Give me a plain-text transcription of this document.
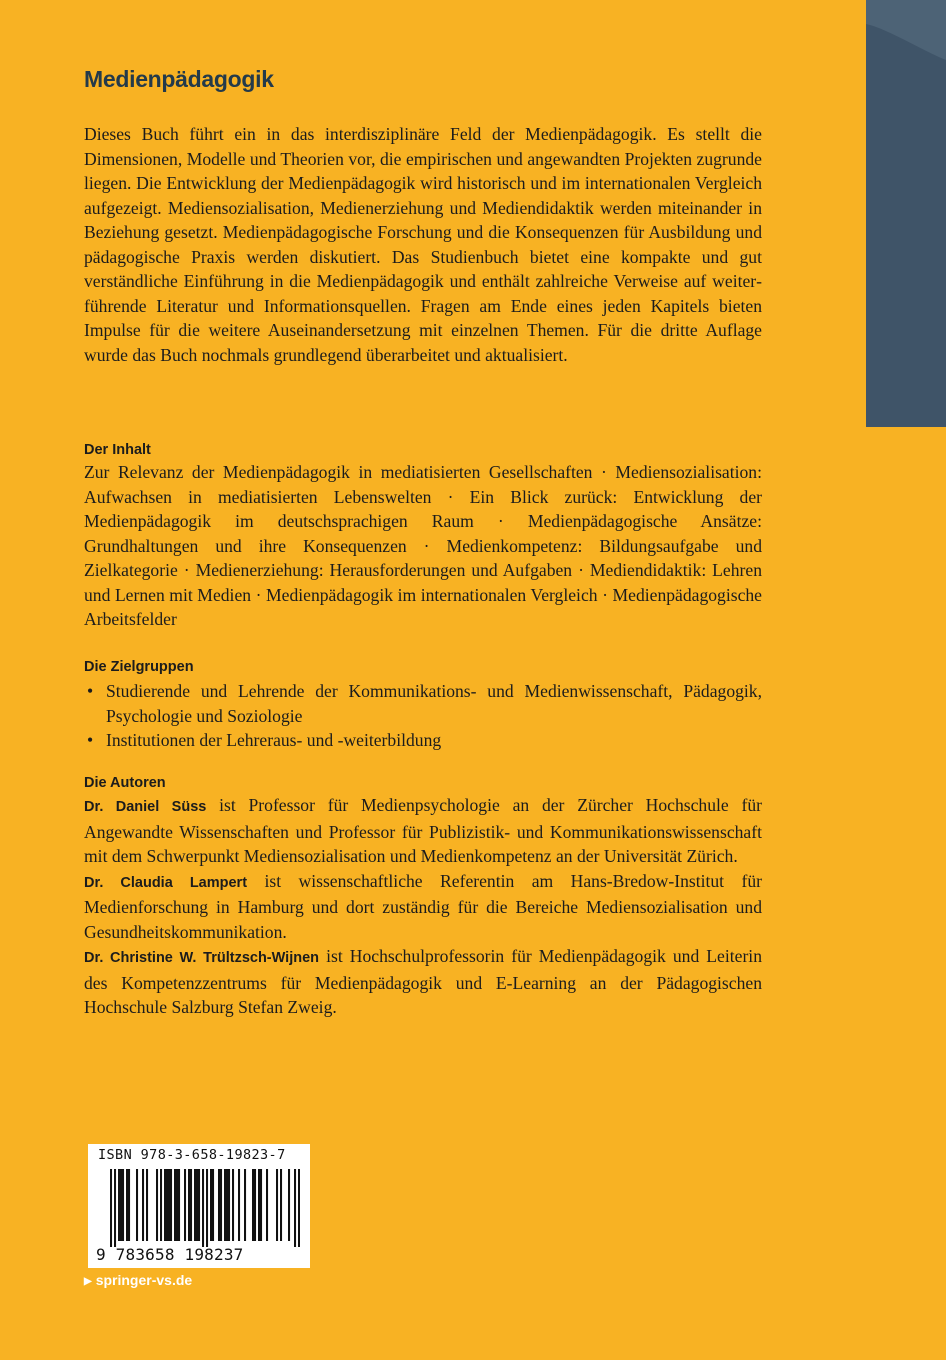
Medienpädagogik

Dieses Buch führt ein in das interdisziplinäre Feld der Medienpädagogik. Es stellt die Dimensionen, Modelle und Theorien vor, die empirischen und angewandten Projekten zugrunde liegen. Die Entwicklung der Medienpädagogik wird historisch und im internationalen Vergleich aufgezeigt. Mediensozialisation, Medienerziehung und Mediendidaktik werden miteinander in Beziehung gesetzt. Medienpädagogische Forschung und die Konsequenzen für Ausbildung und pädagogische Praxis werden diskutiert. Das Studienbuch bietet eine kompakte und gut verständliche Einführung in die Medienpädagogik und enthält zahlreiche Verweise auf weiterführende Literatur und Informationsquellen. Fragen am Ende eines jeden Kapitels bieten Impulse für die weitere Auseinandersetzung mit einzelnen Themen. Für die dritte Auflage wurde das Buch nochmals grundlegend überarbeitet und aktualisiert.

Der Inhalt

Zur Relevanz der Medienpädagogik in mediatisierten Gesellschaften · Mediensozialisation: Aufwachsen in mediatisierten Lebenswelten · Ein Blick zurück: Entwicklung der Medienpädagogik im deutschsprachigen Raum · Medienpädagogische Ansätze: Grundhaltungen und ihre Konsequenzen · Medienkompetenz: Bildungsaufgabe und Zielkategorie · Medienerziehung: Herausforderungen und Aufgaben · Mediendidaktik: Lehren und Lernen mit Medien · Medienpädagogik im internationalen Vergleich · Medienpädagogische Arbeitsfelder

Die Zielgruppen

• Studierende und Lehrende der Kommunikations- und Medienwissenschaft, Pädagogik, Psychologie und Soziologie
• Institutionen der Lehreraus- und -weiterbildung

Die Autoren

Dr. Daniel Süss ist Professor für Medienpsychologie an der Zürcher Hochschule für Angewandte Wissenschaften und Professor für Publizistik- und Kommunikationswissenschaft mit dem Schwerpunkt Mediensozialisation und Medienkompetenz an der Universität Zürich.

Dr. Claudia Lampert ist wissenschaftliche Referentin am Hans-Bredow-Institut für Medienforschung in Hamburg und dort zuständig für die Bereiche Mediensozialisation und Gesundheitskommunikation.

Dr. Christine W. Trültzsch-Wijnen ist Hochschulprofessorin für Medienpädagogik und Leiterin des Kompetenzzentrums für Medienpädagogik und E-Learning an der Pädagogischen Hochschule Salzburg Stefan Zweig.

ISBN 978-3-658-19823-7
9 783658 198237
▶ springer-vs.de
